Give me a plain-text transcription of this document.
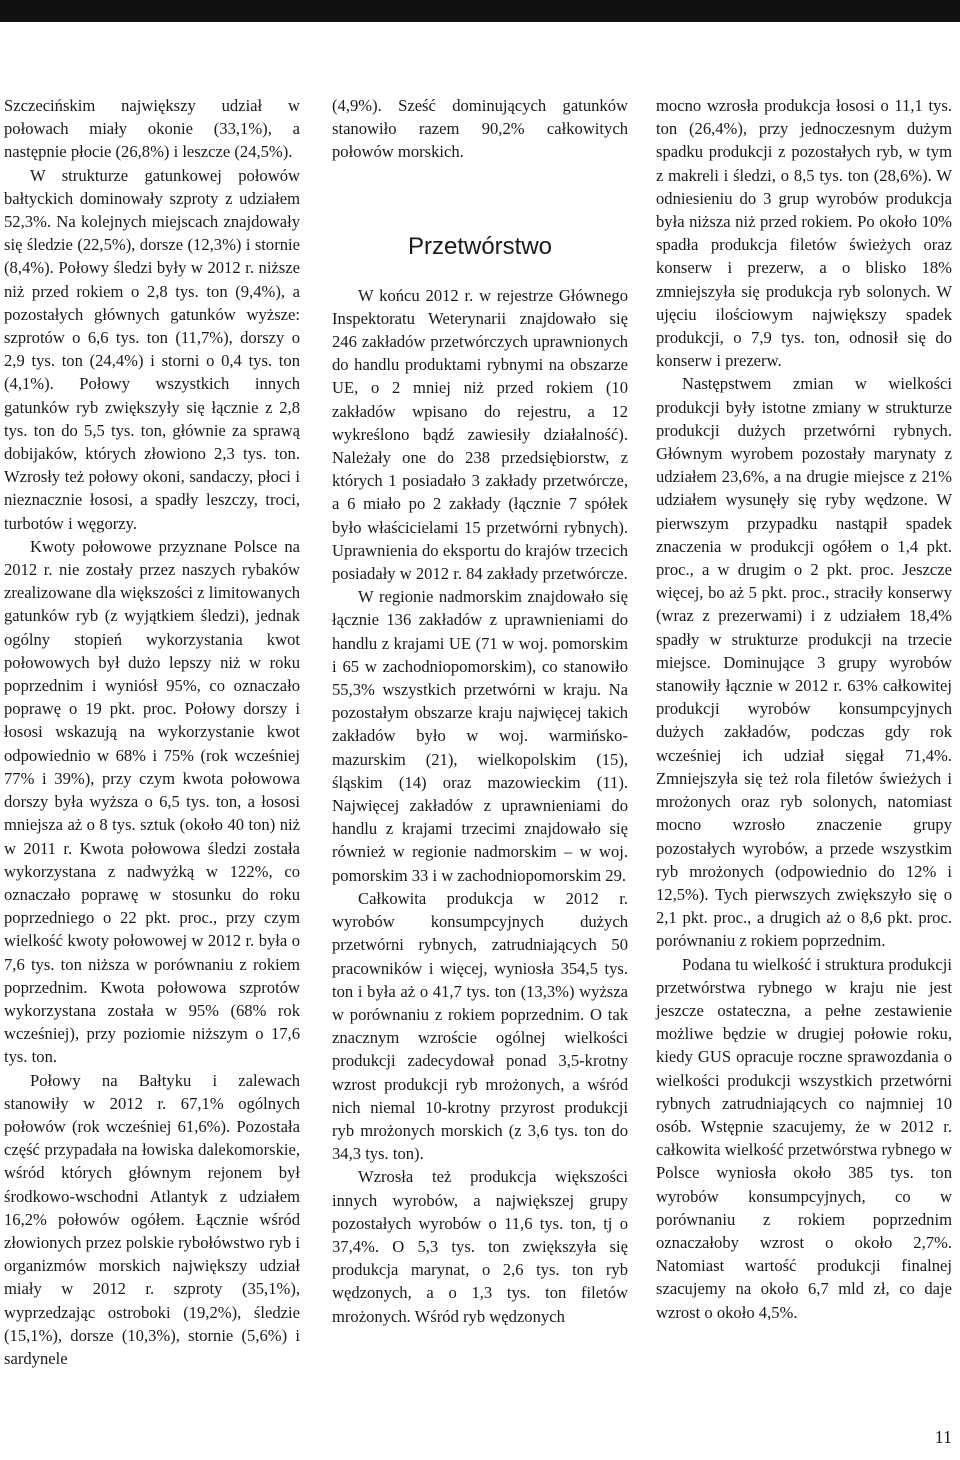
Szczecińskim największy udział w połowach miały okonie (33,1%), a następnie płocie (26,8%) i leszcze (24,5%).

W strukturze gatunkowej połowów bałtyckich dominowały szproty z udziałem 52,3%. Na kolejnych miejscach znajdowały się śledzie (22,5%), dorsze (12,3%) i stornie (8,4%). Połowy śledzi były w 2012 r. niższe niż przed rokiem o 2,8 tys. ton (9,4%), a pozostałych głównych gatunków wyższe: szprotów o 6,6 tys. ton (11,7%), dorszy o 2,9 tys. ton (24,4%) i storni o 0,4 tys. ton (4,1%). Połowy wszystkich innych gatunków ryb zwiększyły się łącznie z 2,8 tys. ton do 5,5 tys. ton, głównie za sprawą dobijaków, których złowiono 2,3 tys. ton. Wzrosły też połowy okoni, sandaczy, płoci i nieznacznie łososi, a spadły leszczy, troci, turbotów i węgorzy.

Kwoty połowowe przyznane Polsce na 2012 r. nie zostały przez naszych rybaków zrealizowane dla większości z limitowanych gatunków ryb (z wyjątkiem śledzi), jednak ogólny stopień wykorzystania kwot połowowych był dużo lepszy niż w roku poprzednim i wyniósł 95%, co oznaczało poprawę o 19 pkt. proc. Połowy dorszy i łososi wskazują na wykorzystanie kwot odpowiednio w 68% i 75% (rok wcześniej 77% i 39%), przy czym kwota połowowa dorszy była wyższa o 6,5 tys. ton, a łososi mniejsza aż o 8 tys. sztuk (około 40 ton) niż w 2011 r. Kwota połowowa śledzi została wykorzystana z nadwyżką w 122%, co oznaczało poprawę w stosunku do roku poprzedniego o 22 pkt. proc., przy czym wielkość kwoty połowowej w 2012 r. była o 7,6 tys. ton niższa w porównaniu z rokiem poprzednim. Kwota połowowa szprotów wykorzystana została w 95% (68% rok wcześniej), przy poziomie niższym o 17,6 tys. ton.

Połowy na Bałtyku i zalewach stanowiły w 2012 r. 67,1% ogólnych połowów (rok wcześniej 61,6%). Pozostała część przypadała na łowiska dalekomorskie, wśród których głównym rejonem był środkowo-wschodni Atlantyk z udziałem 16,2% połowów ogółem. Łącznie wśród złowionych przez polskie rybołówstwo ryb i organizmów morskich największy udział miały w 2012 r. szproty (35,1%), wyprzedzając ostroboki (19,2%), śledzie (15,1%), dorsze (10,3%), stornie (5,6%) i sardynele

(4,9%). Sześć dominujących gatunków stanowiło razem 90,2% całkowitych połowów morskich.

Przetwórstwo

W końcu 2012 r. w rejestrze Głównego Inspektoratu Weterynarii znajdowało się 246 zakładów przetwórczych uprawnionych do handlu produktami rybnymi na obszarze UE, o 2 mniej niż przed rokiem (10 zakładów wpisano do rejestru, a 12 wykreślono bądź zawiesiły działalność). Należały one do 238 przedsiębiorstw, z których 1 posiadało 3 zakłady przetwórcze, a 6 miało po 2 zakłady (łącznie 7 spółek było właścicielami 15 przetwórni rybnych). Uprawnienia do eksportu do krajów trzecich posiadały w 2012 r. 84 zakłady przetwórcze.

W regionie nadmorskim znajdowało się łącznie 136 zakładów z uprawnieniami do handlu z krajami UE (71 w woj. pomorskim i 65 w zachodniopomorskim), co stanowiło 55,3% wszystkich przetwórni w kraju. Na pozostałym obszarze kraju najwięcej takich zakładów było w woj. warmińsko-mazurskim (21), wielkopolskim (15), śląskim (14) oraz mazowieckim (11). Najwięcej zakładów z uprawnieniami do handlu z krajami trzecimi znajdowało się również w regionie nadmorskim – w woj. pomorskim 33 i w zachodniopomorskim 29.

Całkowita produkcja w 2012 r. wyrobów konsumpcyjnych dużych przetwórni rybnych, zatrudniających 50 pracowników i więcej, wyniosła 354,5 tys. ton i była aż o 41,7 tys. ton (13,3%) wyższa w porównaniu z rokiem poprzednim. O tak znacznym wzroście ogólnej wielkości produkcji zadecydował ponad 3,5-krotny wzrost produkcji ryb mrożonych, a wśród nich niemal 10-krotny przyrost produkcji ryb mrożonych morskich (z 3,6 tys. ton do 34,3 tys. ton).

Wzrosła też produkcja większości innych wyrobów, a największej grupy pozostałych wyrobów o 11,6 tys. ton, tj o 37,4%. O 5,3 tys. ton zwiększyła się produkcja marynat, o 2,6 tys. ton ryb wędzonych, a o 1,3 tys. ton filetów mrożonych. Wśród ryb wędzonych

mocno wzrosła produkcja łososi o 11,1 tys. ton (26,4%), przy jednoczesnym dużym spadku produkcji z pozostałych ryb, w tym z makreli i śledzi, o 8,5 tys. ton (28,6%). W odniesieniu do 3 grup wyrobów produkcja była niższa niż przed rokiem. Po około 10% spadła produkcja filetów świeżych oraz konserw i prezerw, a o blisko 18% zmniejszyła się produkcja ryb solonych. W ujęciu ilościowym największy spadek produkcji, o 7,9 tys. ton, odnosił się do konserw i prezerw.

Następstwem zmian w wielkości produkcji były istotne zmiany w strukturze produkcji dużych przetwórni rybnych. Głównym wyrobem pozostały marynaty z udziałem 23,6%, a na drugie miejsce z 21% udziałem wysunęły się ryby wędzone. W pierwszym przypadku nastąpił spadek znaczenia w produkcji ogółem o 1,4 pkt. proc., a w drugim o 2 pkt. proc. Jeszcze więcej, bo aż 5 pkt. proc., straciły konserwy (wraz z prezerwami) i z udziałem 18,4% spadły w strukturze produkcji na trzecie miejsce. Dominujące 3 grupy wyrobów stanowiły łącznie w 2012 r. 63% całkowitej produkcji wyrobów konsumpcyjnych dużych zakładów, podczas gdy rok wcześniej ich udział sięgał 71,4%. Zmniejszyła się też rola filetów świeżych i mrożonych oraz ryb solonych, natomiast mocno wzrosło znaczenie grupy pozostałych wyrobów, a przede wszystkim ryb mrożonych (odpowiednio do 12% i 12,5%). Tych pierwszych zwiększyło się o 2,1 pkt. proc., a drugich aż o 8,6 pkt. proc. porównaniu z rokiem poprzednim.

Podana tu wielkość i struktura produkcji przetwórstwa rybnego w kraju nie jest jeszcze ostateczna, a pełne zestawienie możliwe będzie w drugiej połowie roku, kiedy GUS opracuje roczne sprawozdania o wielkości produkcji wszystkich przetwórni rybnych zatrudniających co najmniej 10 osób. Wstępnie szacujemy, że w 2012 r. całkowita wielkość przetwórstwa rybnego w Polsce wyniosła około 385 tys. ton wyrobów konsumpcyjnych, co w porównaniu z rokiem poprzednim oznaczałoby wzrost o około 2,7%. Natomiast wartość produkcji finalnej szacujemy na około 6,7 mld zł, co daje wzrost o około 4,5%.

11
